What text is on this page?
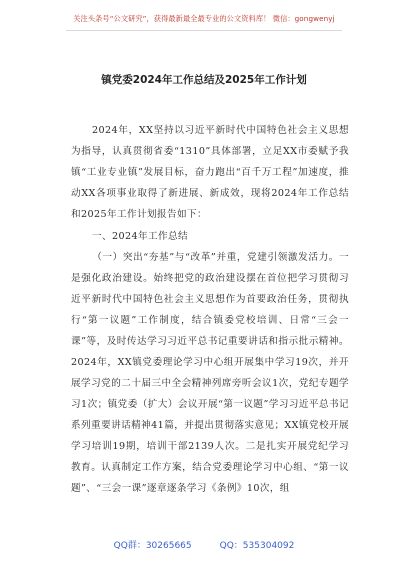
关注头条号“公文研究”，获得最新最全最专业的公文资料库！ 微信：gongwenyj
镇党委2024年工作总结及2025年工作计划
2024年，XX坚持以习近平新时代中国特色社会主义思想为指导，认真贯彻省委“1310”具体部署，立足XX市委赋予我镇“工业专业镇”发展目标，奋力跑出“百千万工程”加速度，推动XX各项事业取得了新进展、新成效，现将2024年工作总结和2025年工作计划报告如下：
一、2024年工作总结
（一）突出“夯基”与“改革”并重，党建引领激发活力。一是强化政治建设。始终把党的政治建设摆在首位把学习贯彻习近平新时代中国特色社会主义思想作为首要政治任务，贯彻执行“第一议题”工作制度，结合镇委党校培训、日常“三会一课”等，及时传达学习习近平总书记重要讲话和指示批示精神。2024年，XX镇党委理论学习中心组开展集中学习19次，并开展学习党的二十届三中全会精神列席旁听会议1次，党纪专题学习1次；镇党委（扩大）会议开展“第一议题”学习习近平总书记系列重要讲话精神41篇，并提出贯彻落实意见；XX镇党校开展学习培训19期，培训干部2139人次。二是扎实开展党纪学习教育。认真制定工作方案，结合党委理论学习中心组、“第一议题”、“三会一课”逐章逐条学习《条例》10次，组
QQ群：30265665	QQ：535304092
